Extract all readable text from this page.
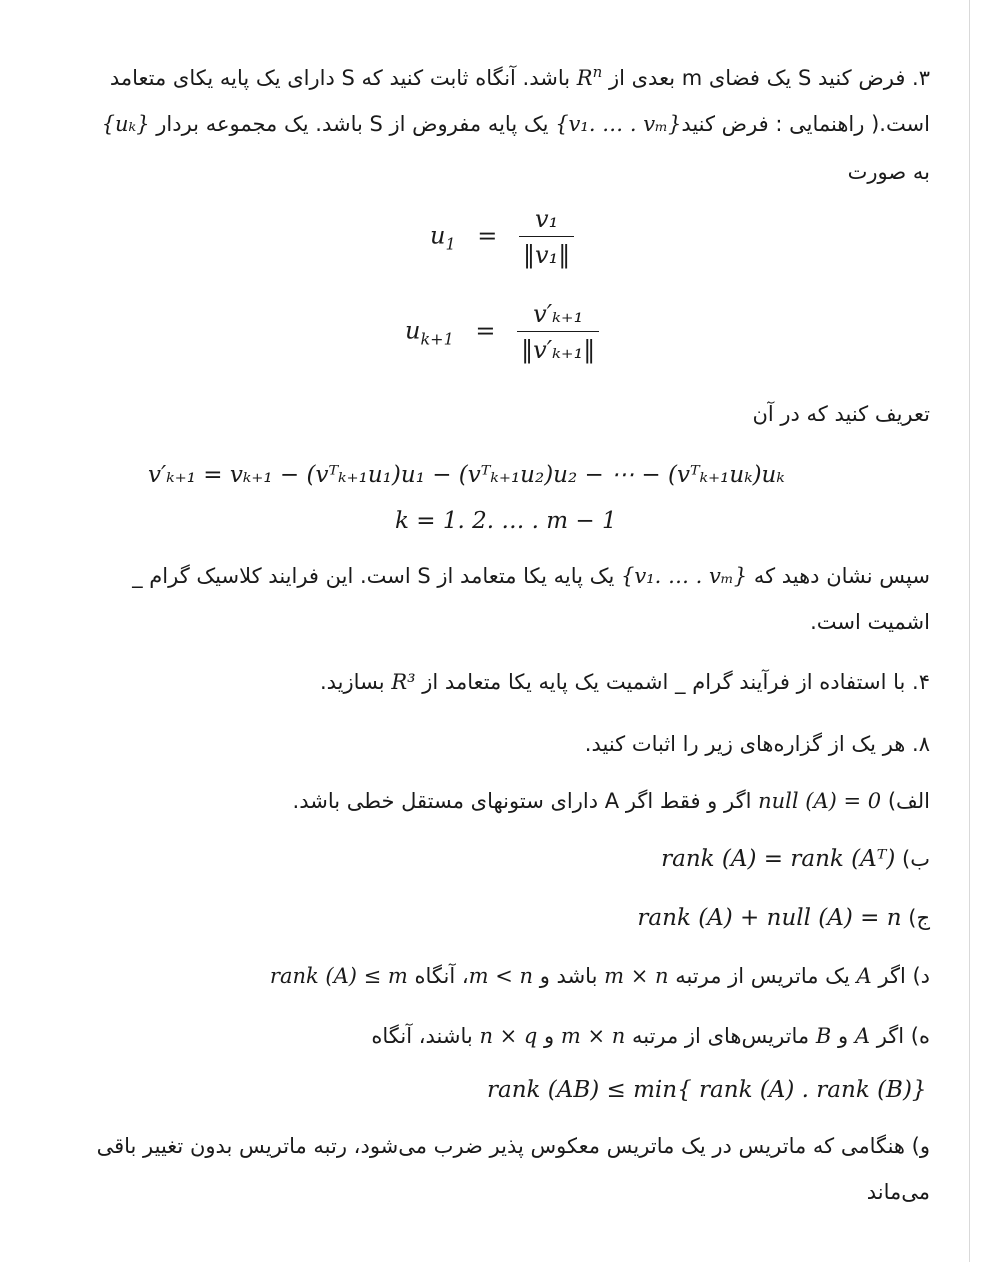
۳. فرض کنید S یک فضای m بعدی از $R^n$ باشد. آنگاه ثابت کنید که S دارای یک پایه یکای متعامد
است.( راهنمایی : فرض کنید{v₁. … . vₘ} یک پایه مفروض از S باشد. یک مجموعه بردار {uₖ}
به صورت
$u_1 = \frac{\text{v₁}}{\text{‖v₁‖}}$
$u_{k+1} = \frac{\text{v′ₖ₊₁}}{\text{‖v′ₖ₊₁‖}}$
تعریف کنید که در آن
v′ₖ₊₁ = vₖ₊₁ − (vᵀₖ₊₁u₁)u₁ − (vᵀₖ₊₁u₂)u₂ − ⋯ − (vᵀₖ₊₁uₖ)uₖ
k = 1. 2. … . m − 1
سپس نشان دهید که {v₁. … . vₘ} یک پایه یکا متعامد از S است. این فرایند کلاسیک گرام _
اشمیت است.
۴. با استفاده از فرآیند گرام _ اشمیت یک پایه یکا متعامد از R³ بسازید.
۸. هر یک از گزاره‌های زیر را اثبات کنید.
الف) null (A) = 0 اگر و فقط اگر A دارای ستونهای مستقل خطی باشد.
ب) rank (A) = rank (Aᵀ)
ج) rank (A) + null (A) = n
د) اگر A یک ماتریس از مرتبه m × n باشد و m < n، آنگاه rank (A) ≤ m
ه) اگر A و B ماتریس‌های از مرتبه m × n و n × q باشند، آنگاه
rank (AB) ≤ min{ rank (A) . rank (B)}
و) هنگامی که ماتریس در یک ماتریس معکوس پذیر ضرب می‌شود، رتبه ماتریس بدون تغییر باقی
می‌ماند
